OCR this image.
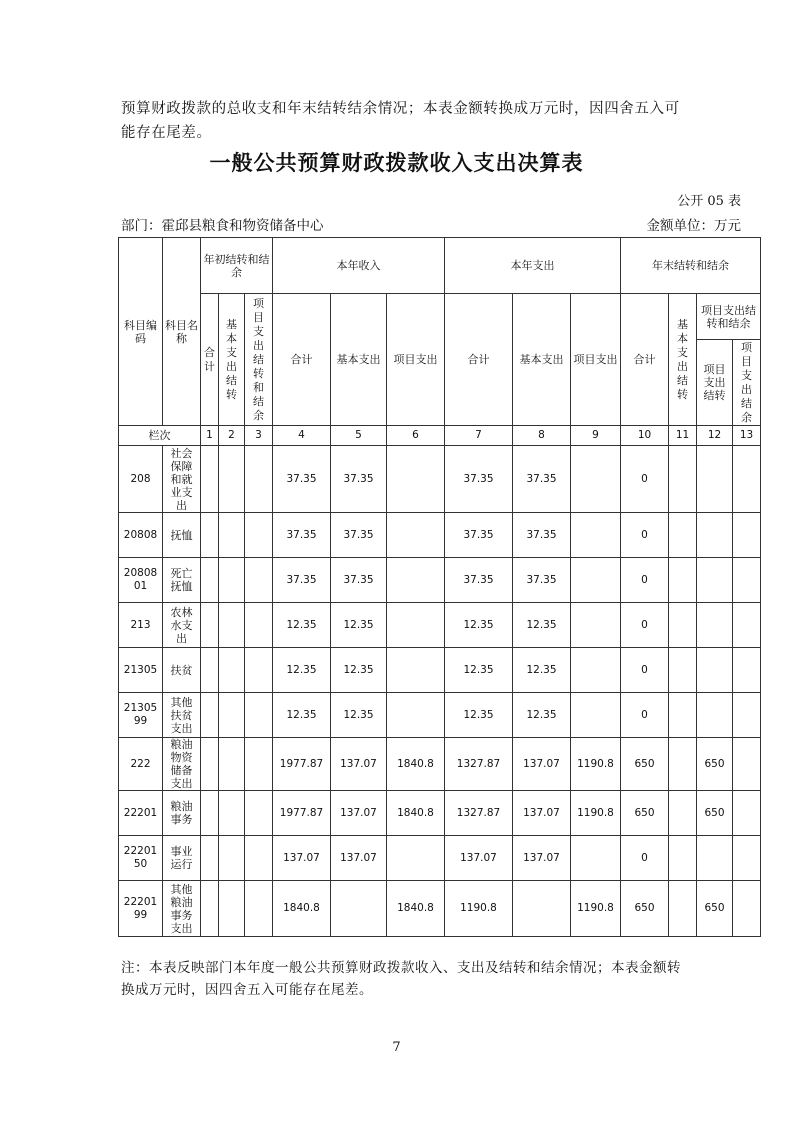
预算财政拨款的总收支和年末结转结余情况；本表金额转换成万元时，因四舍五入可能存在尾差。
一般公共预算财政拨款收入支出决算表
公开 05 表
部门：霍邱县粮食和物资储备中心	金额单位：万元
科目编码	科目名称	年初结转和结余			本年收入			本年支出			年末结转和结余			
		合计	基本支出结转	项目支出结转和结余	合计	基本支出	项目支出	合计	基本支出	项目支出	合计	基本支出结转	项目支出结转和结余	
													项目支出结转	项目支出结余
栏次		1	2	3	4	5	6	7	8	9	10	11	12	13
208	社会保障和就业支出				37.35	37.35		37.35	37.35		0			
20808	抚恤				37.35	37.35		37.35	37.35		0			
2080801	死亡抚恤				37.35	37.35		37.35	37.35		0			
213	农林水支出				12.35	12.35		12.35	12.35		0			
21305	扶贫				12.35	12.35		12.35	12.35		0			
2130599	其他扶贫支出				12.35	12.35		12.35	12.35		0			
222	粮油物资储备支出				1977.87	137.07	1840.8	1327.87	137.07	1190.8	650		650	
22201	粮油事务				1977.87	137.07	1840.8	1327.87	137.07	1190.8	650		650	
2220150	事业运行				137.07	137.07		137.07	137.07		0			
2220199	其他粮油事务支出				1840.8		1840.8	1190.8		1190.8	650		650	
注：本表反映部门本年度一般公共预算财政拨款收入、支出及结转和结余情况；本表金额转换成万元时，因四舍五入可能存在尾差。
7
